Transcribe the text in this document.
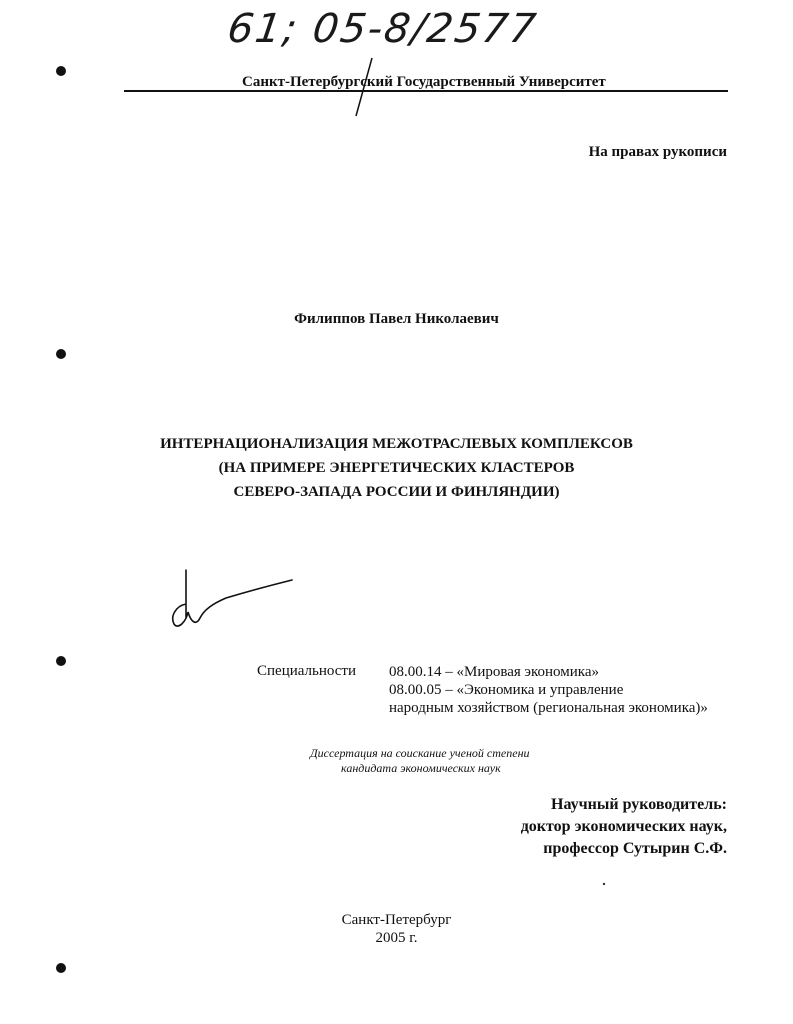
61; 05-8/2577
Санкт-Петербургский Государственный Университет
На правах рукописи
Филиппов Павел Николаевич
ИНТЕРНАЦИОНАЛИЗАЦИЯ МЕЖОТРАСЛЕВЫХ КОМПЛЕКСОВ
(НА ПРИМЕРЕ ЭНЕРГЕТИЧЕСКИХ КЛАСТЕРОВ
СЕВЕРО-ЗАПАДА РОССИИ И ФИНЛЯНДИИ)
Специальности 08.00.14 – «Мировая экономика»
08.00.05 – «Экономика и управление
народным хозяйством (региональная экономика)»
Диссертация на соискание ученой степени
кандидата экономических наук
Научный руководитель:
доктор экономических наук,
профессор Сутырин С.Ф.
Санкт-Петербург
2005 г.
